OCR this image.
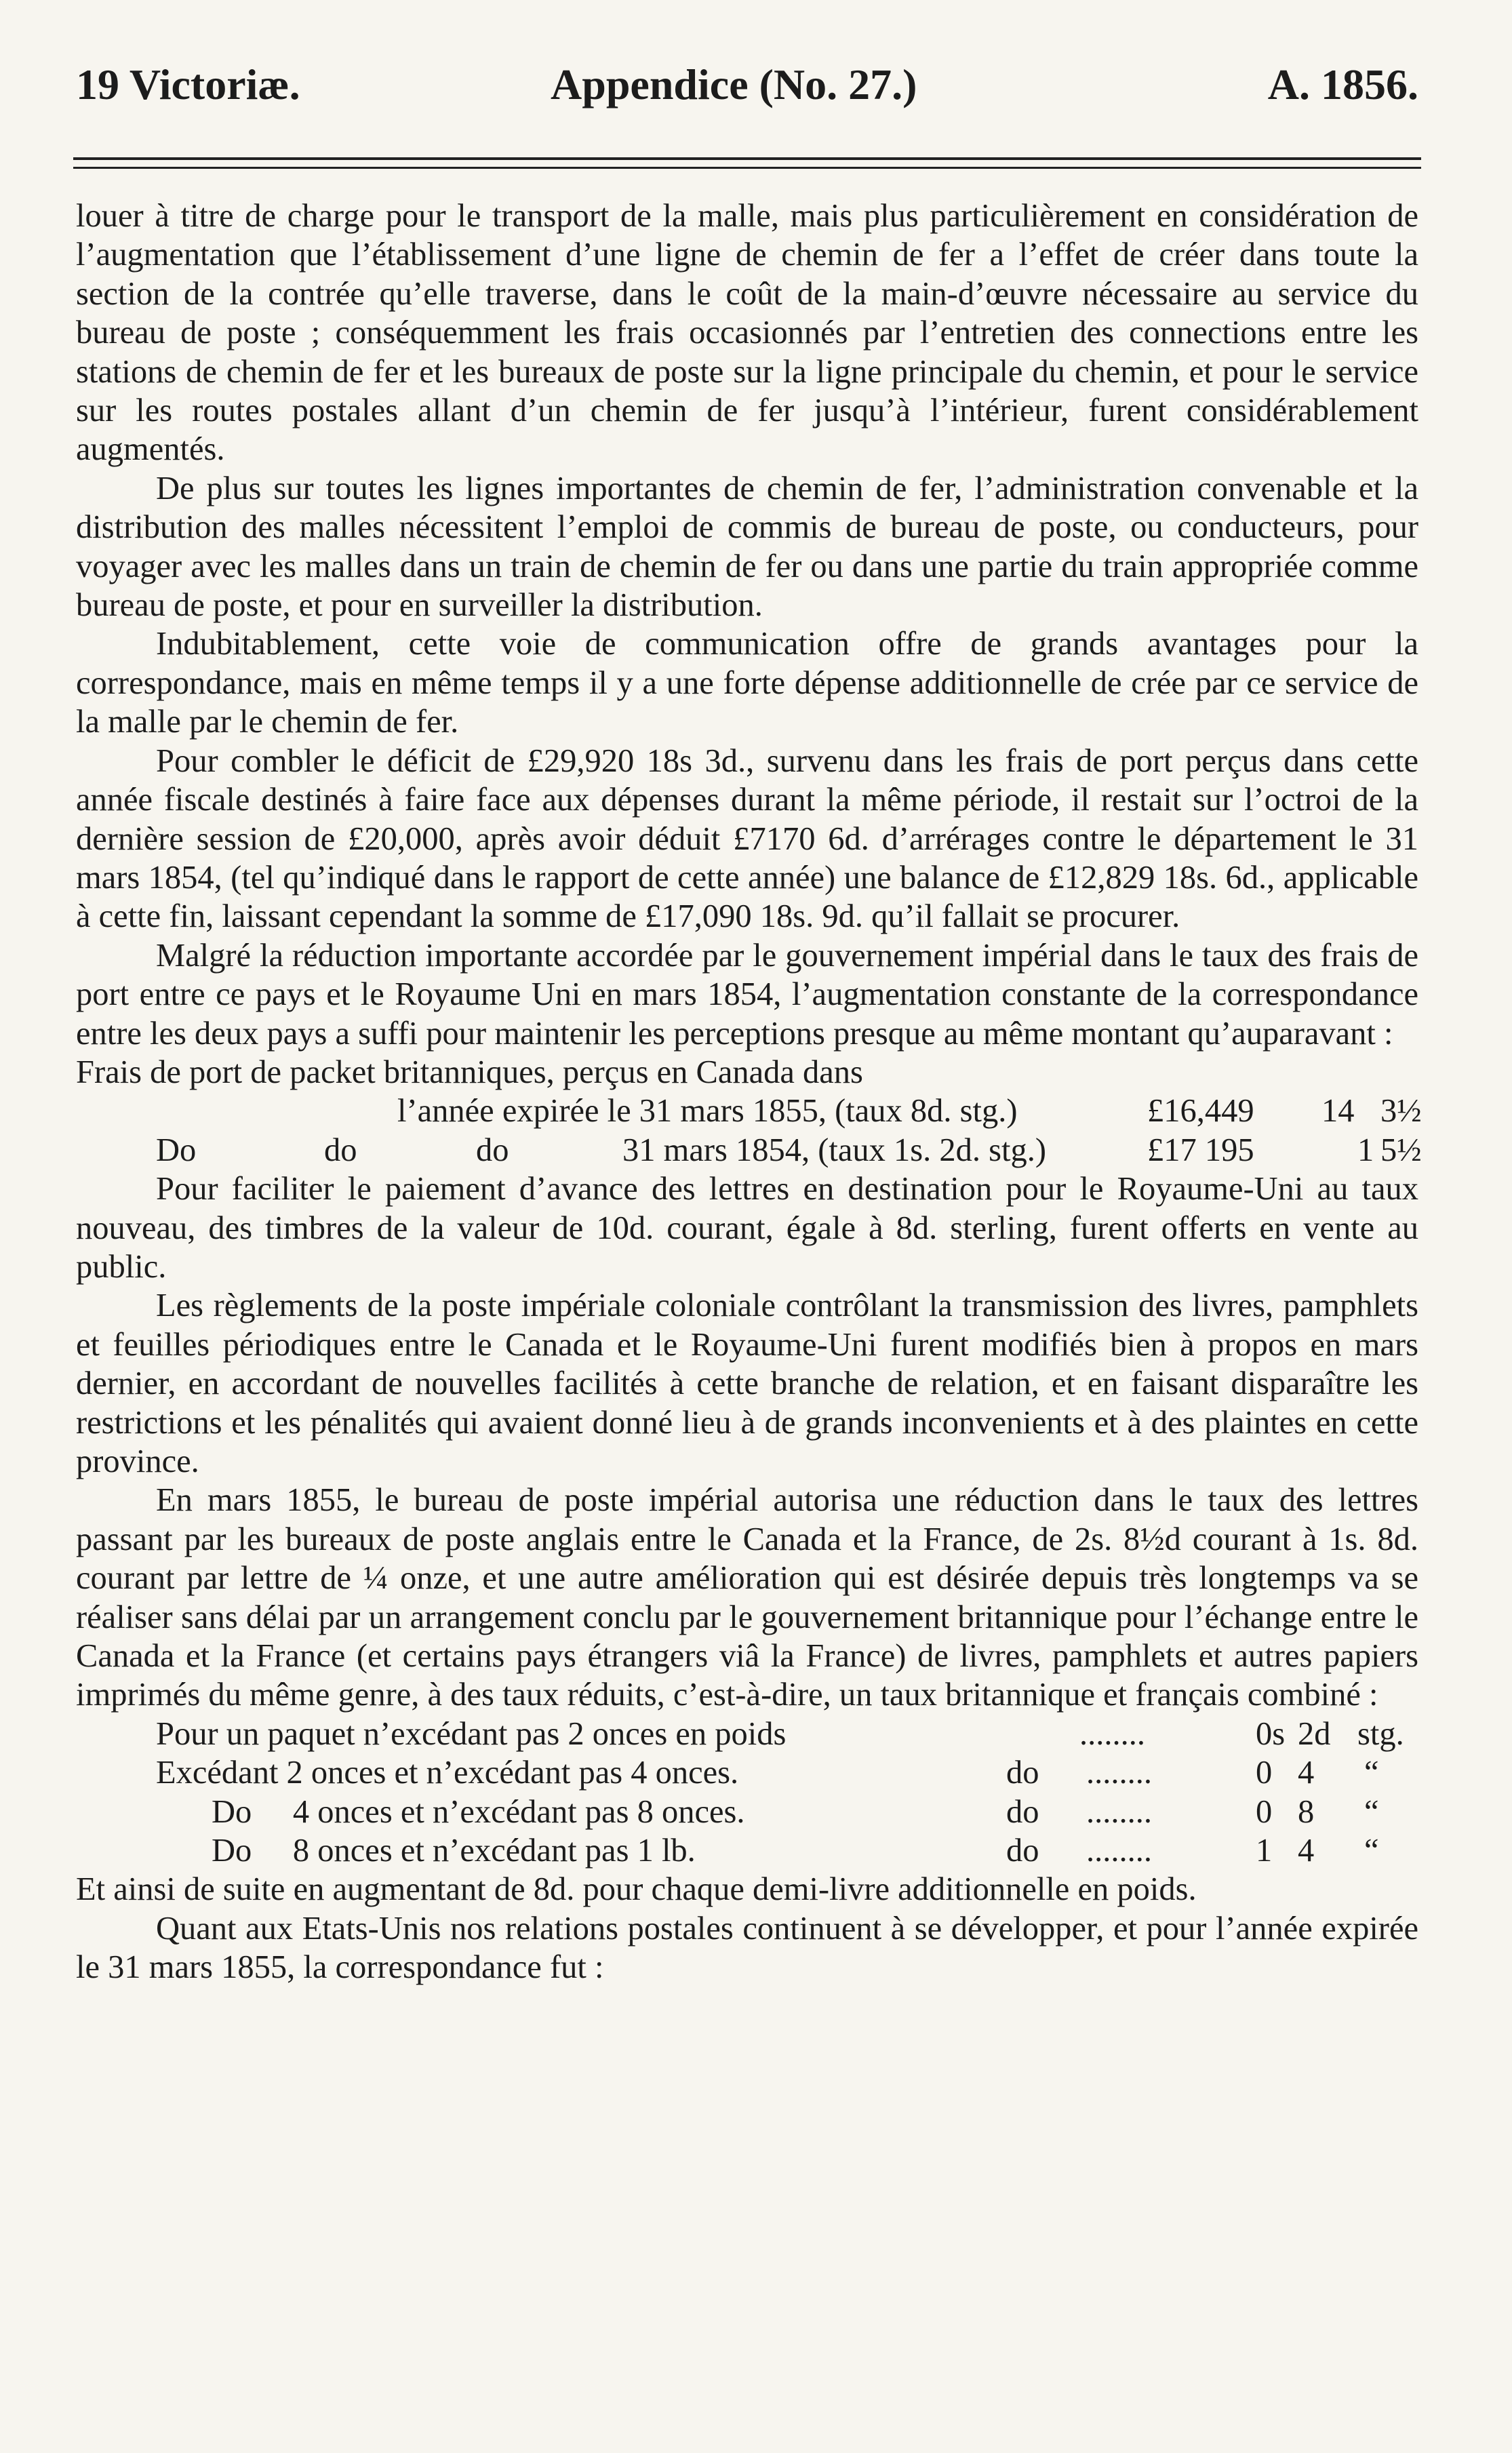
19 Victoriæ.	Appendice (No. 27.)	A. 1856.

louer à titre de charge pour le transport de la malle, mais plus particulièrement en considération de l’augmentation que l’établissement d’une ligne de chemin de fer a l’effet de créer dans toute la section de la contrée qu’elle traverse, dans le coût de la main-d’œuvre nécessaire au service du bureau de poste ; conséquemment les frais occasionnés par l’entretien des connections entre les stations de chemin de fer et les bureaux de poste sur la ligne principale du chemin, et pour le service sur les routes postales allant d’un chemin de fer jusqu’à l’intérieur, furent considérablement augmentés.

De plus sur toutes les lignes importantes de chemin de fer, l’administration convenable et la distribution des malles nécessitent l’emploi de commis de bureau de poste, ou conducteurs, pour voyager avec les malles dans un train de chemin de fer ou dans une partie du train appropriée comme bureau de poste, et pour en surveiller la distribution.

Indubitablement, cette voie de communication offre de grands avantages pour la correspondance, mais en même temps il y a une forte dépense additionnelle de crée par ce service de la malle par le chemin de fer.

Pour combler le déficit de £29,920 18s 3d., survenu dans les frais de port perçus dans cette année fiscale destinés à faire face aux dépenses durant la même période, il restait sur l’octroi de la dernière session de £20,000, après avoir déduit £7170 6d. d’arrérages contre le département le 31 mars 1854, (tel qu’indiqué dans le rapport de cette année) une balance de £12,829 18s. 6d., applicable à cette fin, laissant cependant la somme de £17,090 18s. 9d. qu’il fallait se procurer.

Malgré la réduction importante accordée par le gouvernement impérial dans le taux des frais de port entre ce pays et le Royaume Uni en mars 1854, l’augmentation constante de la correspondance entre les deux pays a suffi pour maintenir les perceptions presque au même montant qu’auparavant :

Frais de port de packet britanniques, perçus en Canada dans
l’année expirée le 31 mars 1855, (taux 8d. stg.)	£16,449 14 3½
Do	do	do	31 mars 1854, (taux 1s. 2d. stg.)	£17 195	1 5½

Pour faciliter le paiement d’avance des lettres en destination pour le Royaume-Uni au taux nouveau, des timbres de la valeur de 10d. courant, égale à 8d. sterling, furent offerts en vente au public.

Les règlements de la poste impériale coloniale contrôlant la transmission des livres, pamphlets et feuilles périodiques entre le Canada et le Royaume-Uni furent modifiés bien à propos en mars dernier, en accordant de nouvelles facilités à cette branche de relation, et en faisant disparaître les restrictions et les pénalités qui avaient donné lieu à de grands inconvenients et à des plaintes en cette province.

En mars 1855, le bureau de poste impérial autorisa une réduction dans le taux des lettres passant par les bureaux de poste anglais entre le Canada et la France, de 2s. 8½d courant à 1s. 8d. courant par lettre de ¼ onze, et une autre amélioration qui est désirée depuis très longtemps va se réaliser sans délai par un arrangement conclu par le gouvernement britannique pour l’échange entre le Canada et la France (et certains pays étrangers viâ la France) de livres, pamphlets et autres papiers imprimés du même genre, à des taux réduits, c’est-à-dire, un taux britannique et français combiné :

Pour un paquet n’excédant pas 2 onces en poids	........	0s 2d stg.
Excédant 2 onces et n’excédant pas 4 onces.	do ........	0 4 “
Do     4 onces et n’excédant pas 8 onces.	do ........	0 8 “
Do     8 onces et n’excédant pas 1 lb.	do ........	1 4 “

Et ainsi de suite en augmentant de 8d. pour chaque demi-livre additionnelle en poids.

Quant aux Etats-Unis nos relations postales continuent à se développer, et pour l’année expirée le 31 mars 1855, la correspondance fut :
